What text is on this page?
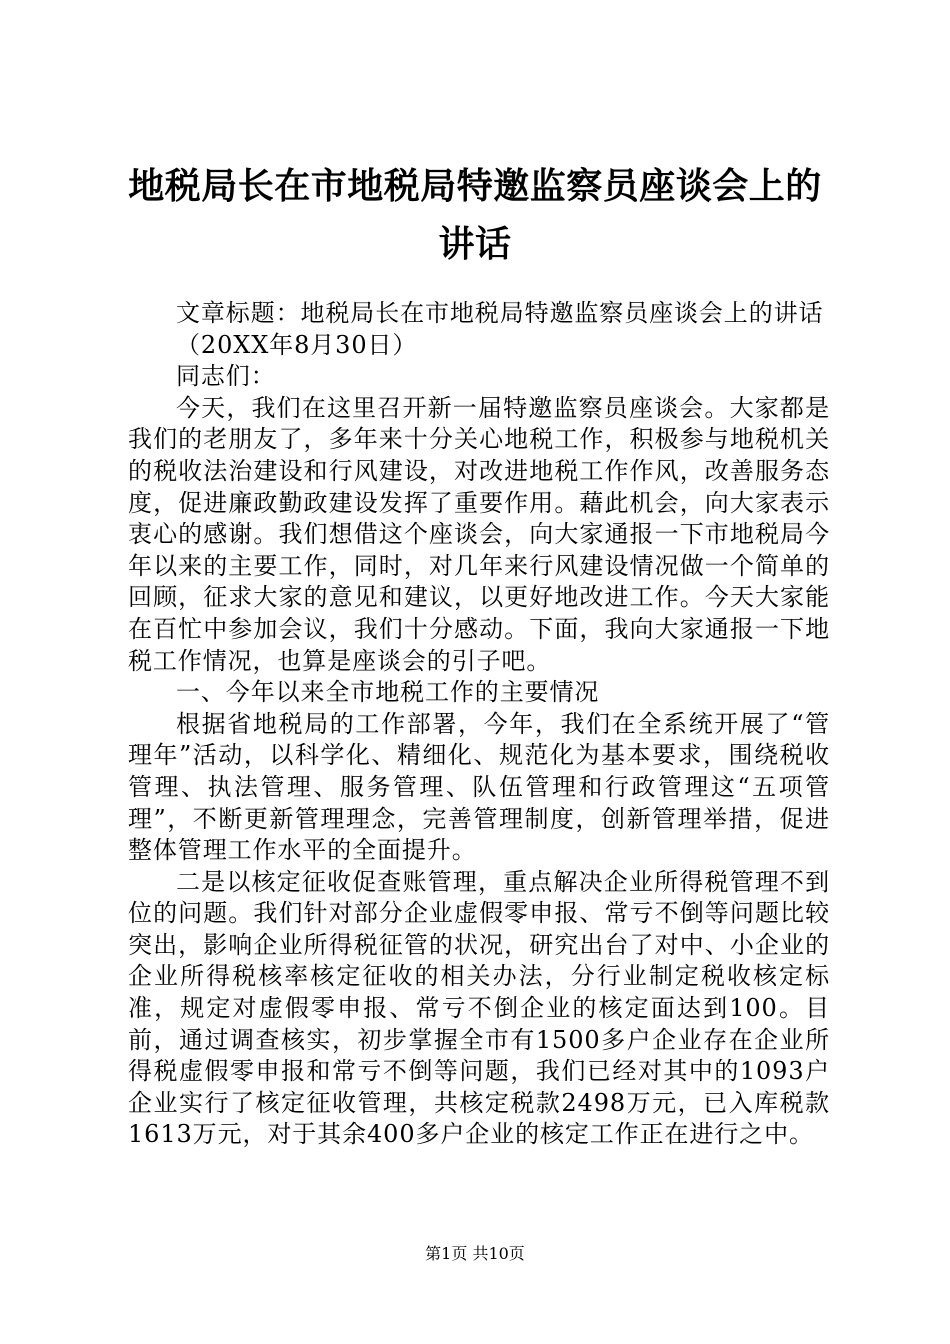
地税局长在市地税局特邀监察员座谈会上的讲话

文章标题：地税局长在市地税局特邀监察员座谈会上的讲话

（20XX年8月30日）

同志们：

今天，我们在这里召开新一届特邀监察员座谈会。大家都是我们的老朋友了，多年来十分关心地税工作，积极参与地税机关的税收法治建设和行风建设，对改进地税工作作风，改善服务态度，促进廉政勤政建设发挥了重要作用。藉此机会，向大家表示衷心的感谢。我们想借这个座谈会，向大家通报一下市地税局今年以来的主要工作，同时，对几年来行风建设情况做一个简单的回顾，征求大家的意见和建议，以更好地改进工作。今天大家能在百忙中参加会议，我们十分感动。下面，我向大家通报一下地税工作情况，也算是座谈会的引子吧。

一、今年以来全市地税工作的主要情况

根据省地税局的工作部署，今年，我们在全系统开展了“管理年”活动，以科学化、精细化、规范化为基本要求，围绕税收管理、执法管理、服务管理、队伍管理和行政管理这“五项管理”，不断更新管理理念，完善管理制度，创新管理举措，促进整体管理工作水平的全面提升。

二是以核定征收促查账管理，重点解决企业所得税管理不到位的问题。我们针对部分企业虚假零申报、常亏不倒等问题比较突出，影响企业所得税征管的状况，研究出台了对中、小企业的企业所得税核率核定征收的相关办法，分行业制定税收核定标准，规定对虚假零申报、常亏不倒企业的核定面达到100。目前，通过调查核实，初步掌握全市有1500多户企业存在企业所得税虚假零申报和常亏不倒等问题，我们已经对其中的1093户企业实行了核定征收管理，共核定税款2498万元，已入库税款1613万元，对于其余400多户企业的核定工作正在进行之中。

第1页 共10页
